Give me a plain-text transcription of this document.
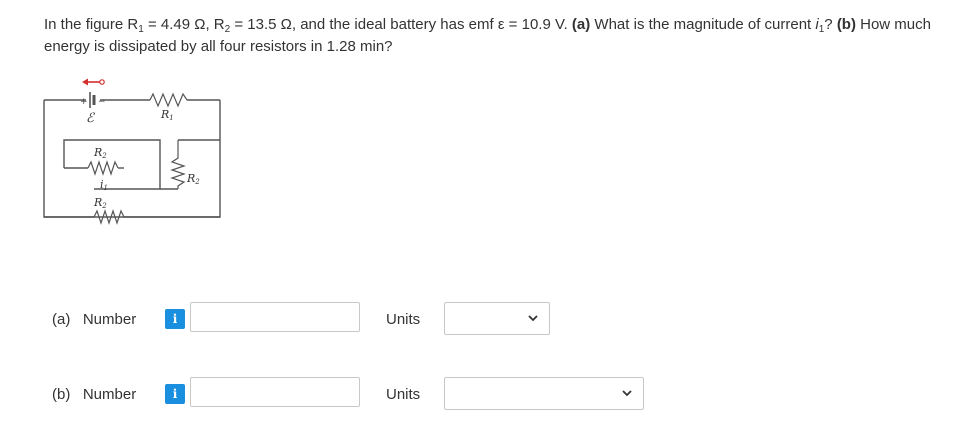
In the figure $R_1 = 4.49$ Ω, $R_2 = 13.5$ Ω, and the ideal battery has emf ε = 10.9 V. (a) What is the magnitude of current $i_1$? (b) How much energy is dissipated by all four resistors in 1.28 min?
+ −
ℰ	R1
R2
R2
i1
R2
(a)   Number	i	Units
(b)   Number	i	Units
